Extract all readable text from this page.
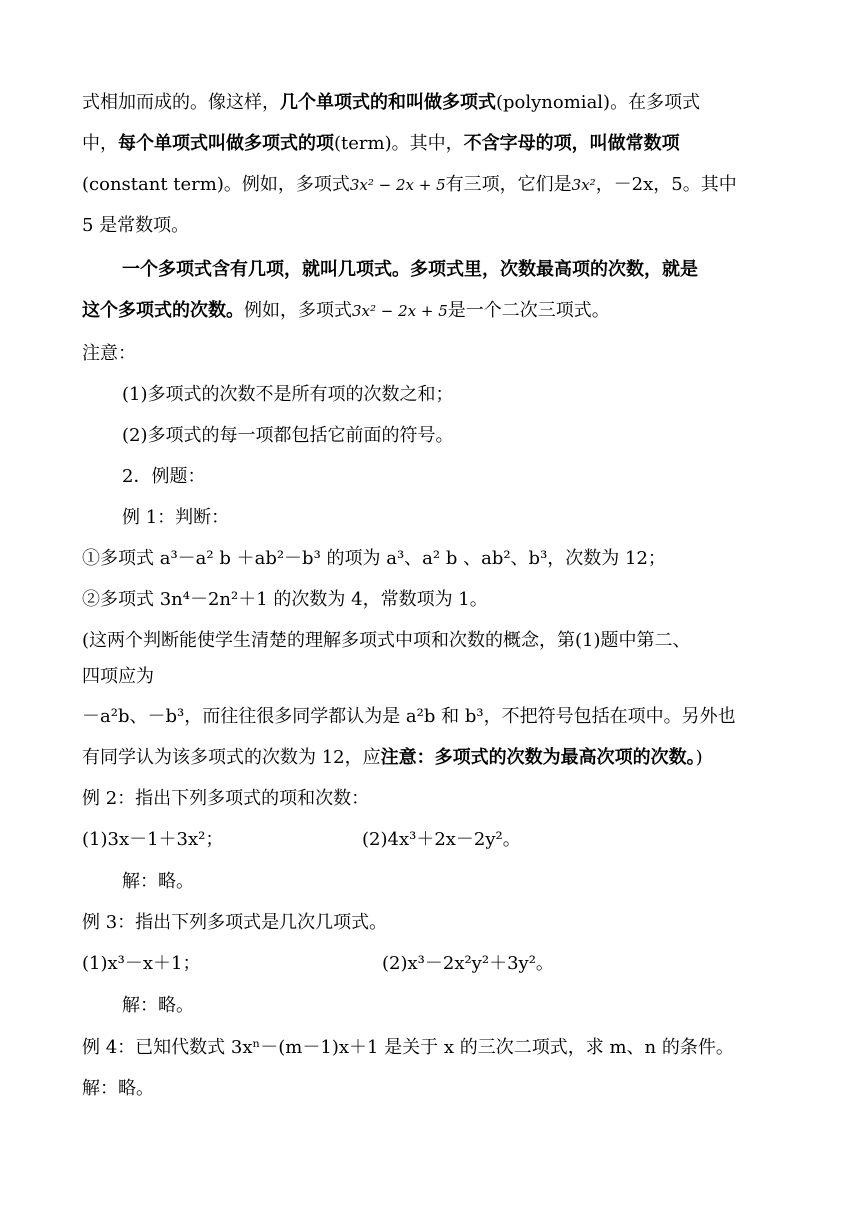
式相加而成的。像这样，几个单项式的和叫做多项式(polynomial)。在多项式
中，每个单项式叫做多项式的项(term)。其中，不含字母的项，叫做常数项
(constant term)。例如，多项式3x² − 2x + 5有三项，它们是3x²，－2x，5。其中
5 是常数项。
一个多项式含有几项，就叫几项式。多项式里，次数最高项的次数，就是
这个多项式的次数。例如，多项式3x² − 2x + 5是一个二次三项式。
注意：
(1)多项式的次数不是所有项的次数之和；
(2)多项式的每一项都包括它前面的符号。
2．例题：
例 1：判断：
①多项式 a³－a² b ＋ab²－b³ 的项为 a³、a² b 、ab²、b³，次数为 12；
②多项式 3n⁴－2n²＋1 的次数为 4，常数项为 1。
(这两个判断能使学生清楚的理解多项式中项和次数的概念，第(1)题中第二、
四项应为
－a²b、－b³，而往往很多同学都认为是 a²b 和 b³，不把符号包括在项中。另外也
有同学认为该多项式的次数为 12，应注意：多项式的次数为最高次项的次数。)
例 2：指出下列多项式的项和次数：
(1)3x－1＋3x²；	(2)4x³＋2x－2y²。
解：略。
例 3：指出下列多项式是几次几项式。
(1)x³－x＋1；	(2)x³－2x²y²＋3y²。
解：略。
例 4：已知代数式 3xⁿ－(m－1)x＋1 是关于 x 的三次二项式，求 m、n 的条件。
解：略。
